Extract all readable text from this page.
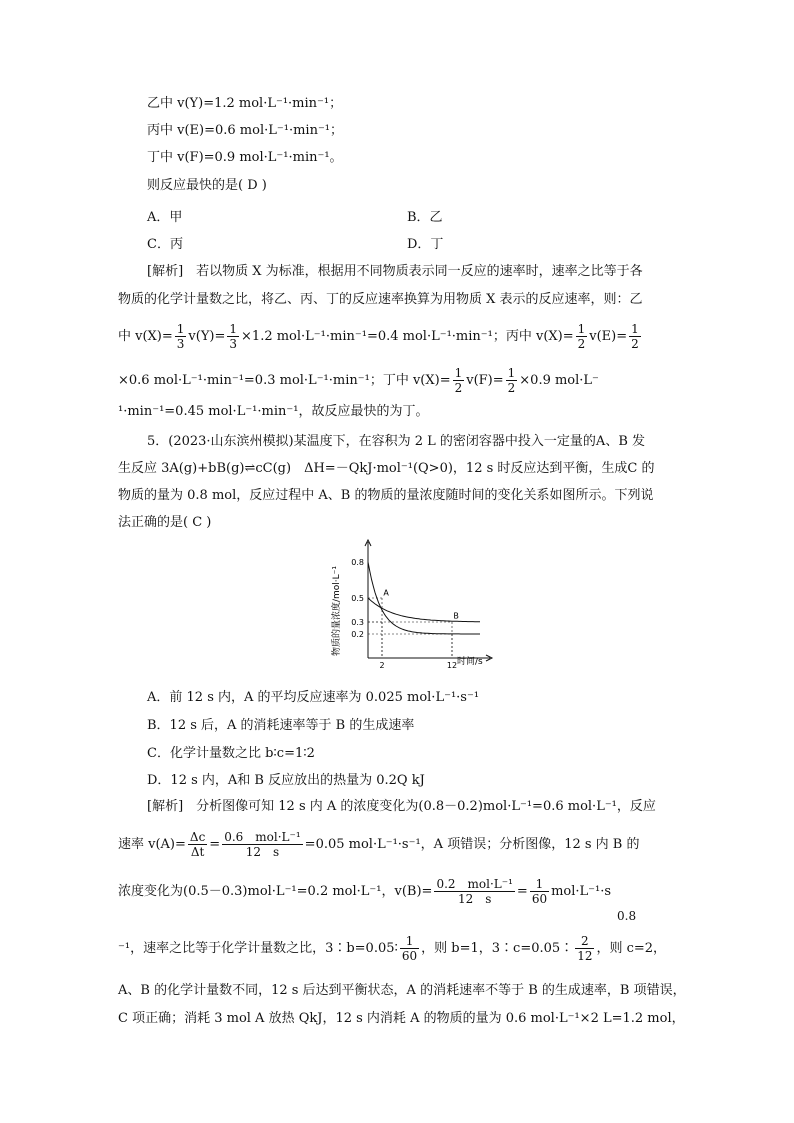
乙中 v(Y)=1.2 mol·L⁻¹·min⁻¹；
丙中 v(E)=0.6 mol·L⁻¹·min⁻¹；
丁中 v(F)=0.9 mol·L⁻¹·min⁻¹。
则反应最快的是( D )
A．甲	B．乙
C．丙	D．丁
[解析]　若以物质 X 为标准，根据用不同物质表示同一反应的速率时，速率之比等于各
物质的化学计量数之比，将乙、丙、丁的反应速率换算为用物质 X 表示的反应速率，则：乙
中 $v(X)= \frac{1}{3} v(Y)= \frac{1}{3} \times 1.2$ mol·L⁻¹·min⁻¹=0.4 mol·L⁻¹·min⁻¹；丙中 $v(X)= \frac{1}{2} v(E)= \frac{1}{2}$
×0.6 mol·L⁻¹·min⁻¹=0.3 mol·L⁻¹·min⁻¹；丁中 $v(X)= \frac{1}{2} v(F)= \frac{1}{2} \times 0.9$ mol·L⁻
¹·min⁻¹=0.45 mol·L⁻¹·min⁻¹，故反应最快的为丁。
5．(2023·山东滨州模拟)某温度下，在容积为 2 L 的密闭容器中投入一定量的A、B 发
生反应 3A(g)+bB(g)⇌cC(g)　ΔH=－QkJ·mol⁻¹(Q>0)，12 s 时反应达到平衡，生成C 的
物质的量为 0.8 mol，反应过程中 A、B 的物质的量浓度随时间的变化关系如图所示。下列说
法正确的是( C )
物质的量浓度/mol·L⁻¹
时间/s
0.8
0.5
0.3
0.2
2	12
A
B
A．前 12 s 内，A 的平均反应速率为 0.025 mol·L⁻¹·s⁻¹
B．12 s 后，A 的消耗速率等于 B 的生成速率
C．化学计量数之比 b∶c=1∶2
D．12 s 内，A和 B 反应放出的热量为 0.2Q kJ
[解析]　分析图像可知 12 s 内 A 的浓度变化为(0.8－0.2)mol·L⁻¹=0.6 mol·L⁻¹，反应
速率 $v(A)= \frac{\Delta c}{\Delta t} = \frac{\text{0.6　mol·L⁻¹}}{12 s} =0.05$ mol·L⁻¹·s⁻¹，A 项错误；分析图像，12 s 内 B 的
浓度变化为(0.5－0.3)mol·L⁻¹=0.2 mol·L⁻¹，$v(B)= \frac{\text{0.2　mol·L⁻¹}}{12 s} = \frac{1}{60} mol\cdot L^{-1}\cdot s$
0.8
⁻¹，速率之比等于化学计量数之比，3∶b=0.05∶ $\frac{1}{60}$ ，则 b=1，3∶c=0.05∶ $\frac{2}{12}$ ，则 c=2，
A、B 的化学计量数不同，12 s 后达到平衡状态，A 的消耗速率不等于 B 的生成速率，B 项错误，
C 项正确；消耗 3 mol A 放热 QkJ，12 s 内消耗 A 的物质的量为 0.6 mol·L⁻¹×2 L=1.2 mol，
